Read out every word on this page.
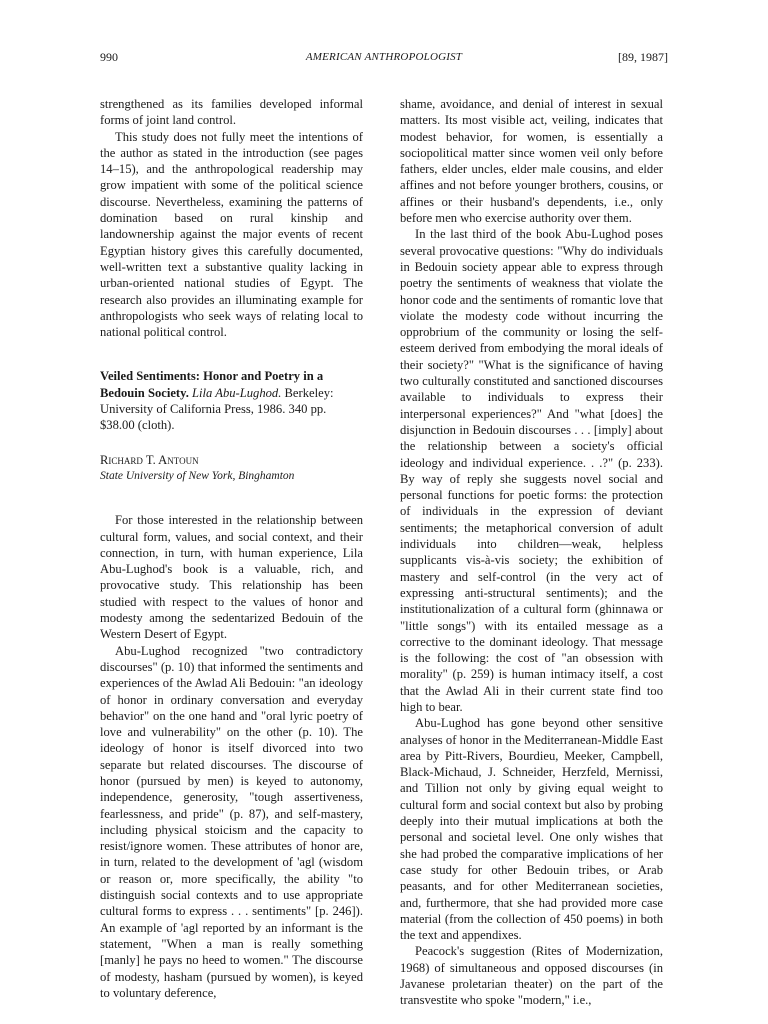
990	AMERICAN ANTHROPOLOGIST	[89, 1987]

strengthened as its families developed informal forms of joint land control.

This study does not fully meet the intentions of the author as stated in the introduction (see pages 14–15), and the anthropological readership may grow impatient with some of the political science discourse. Nevertheless, examining the patterns of domination based on rural kinship and landownership against the major events of recent Egyptian history gives this carefully documented, well-written text a substantive quality lacking in urban-oriented national studies of Egypt. The research also provides an illuminating example for anthropologists who seek ways of relating local to national political control.

Veiled Sentiments: Honor and Poetry in a Bedouin Society. Lila Abu-Lughod. Berkeley: University of California Press, 1986. 340 pp. $38.00 (cloth).
Richard T. Antoun
State University of New York, Binghamton

For those interested in the relationship between cultural form, values, and social context, and their connection, in turn, with human experience, Lila Abu-Lughod's book is a valuable, rich, and provocative study. This relationship has been studied with respect to the values of honor and modesty among the sedentarized Bedouin of the Western Desert of Egypt.

Abu-Lughod recognized "two contradictory discourses" (p. 10) that informed the sentiments and experiences of the Awlad Ali Bedouin: "an ideology of honor in ordinary conversation and everyday behavior" on the one hand and "oral lyric poetry of love and vulnerability" on the other (p. 10). The ideology of honor is itself divorced into two separate but related discourses. The discourse of honor (pursued by men) is keyed to autonomy, independence, generosity, "tough assertiveness, fearlessness, and pride" (p. 87), and self-mastery, including physical stoicism and the capacity to resist/ignore women. These attributes of honor are, in turn, related to the development of 'agl (wisdom or reason or, more specifically, the ability "to distinguish social contexts and to use appropriate cultural forms to express . . . sentiments" [p. 246]). An example of 'agl reported by an informant is the statement, "When a man is really something [manly] he pays no heed to women." The discourse of modesty, hasham (pursued by women), is keyed to voluntary deference,

shame, avoidance, and denial of interest in sexual matters. Its most visible act, veiling, indicates that modest behavior, for women, is essentially a sociopolitical matter since women veil only before fathers, elder uncles, elder male cousins, and elder affines and not before younger brothers, cousins, or affines or their husband's dependents, i.e., only before men who exercise authority over them.

In the last third of the book Abu-Lughod poses several provocative questions: "Why do individuals in Bedouin society appear able to express through poetry the sentiments of weakness that violate the honor code and the sentiments of romantic love that violate the modesty code without incurring the opprobrium of the community or losing the self-esteem derived from embodying the moral ideals of their society?" "What is the significance of having two culturally constituted and sanctioned discourses available to individuals to express their interpersonal experiences?" And "what [does] the disjunction in Bedouin discourses . . . [imply] about the relationship between a society's official ideology and individual experience. . .?" (p. 233). By way of reply she suggests novel social and personal functions for poetic forms: the protection of individuals in the expression of deviant sentiments; the metaphorical conversion of adult individuals into children—weak, helpless supplicants vis-à-vis society; the exhibition of mastery and self-control (in the very act of expressing anti-structural sentiments); and the institutionalization of a cultural form (ghinnawa or "little songs") with its entailed message as a corrective to the dominant ideology. That message is the following: the cost of "an obsession with morality" (p. 259) is human intimacy itself, a cost that the Awlad Ali in their current state find too high to bear.

Abu-Lughod has gone beyond other sensitive analyses of honor in the Mediterranean-Middle East area by Pitt-Rivers, Bourdieu, Meeker, Campbell, Black-Michaud, J. Schneider, Herzfeld, Mernissi, and Tillion not only by giving equal weight to cultural form and social context but also by probing deeply into their mutual implications at both the personal and societal level. One only wishes that she had probed the comparative implications of her case study for other Bedouin tribes, or Arab peasants, and for other Mediterranean societies, and, furthermore, that she had provided more case material (from the collection of 450 poems) in both the text and appendixes.

Peacock's suggestion (Rites of Modernization, 1968) of simultaneous and opposed discourses (in Javanese proletarian theater) on the part of the transvestite who spoke "modern," i.e.,
